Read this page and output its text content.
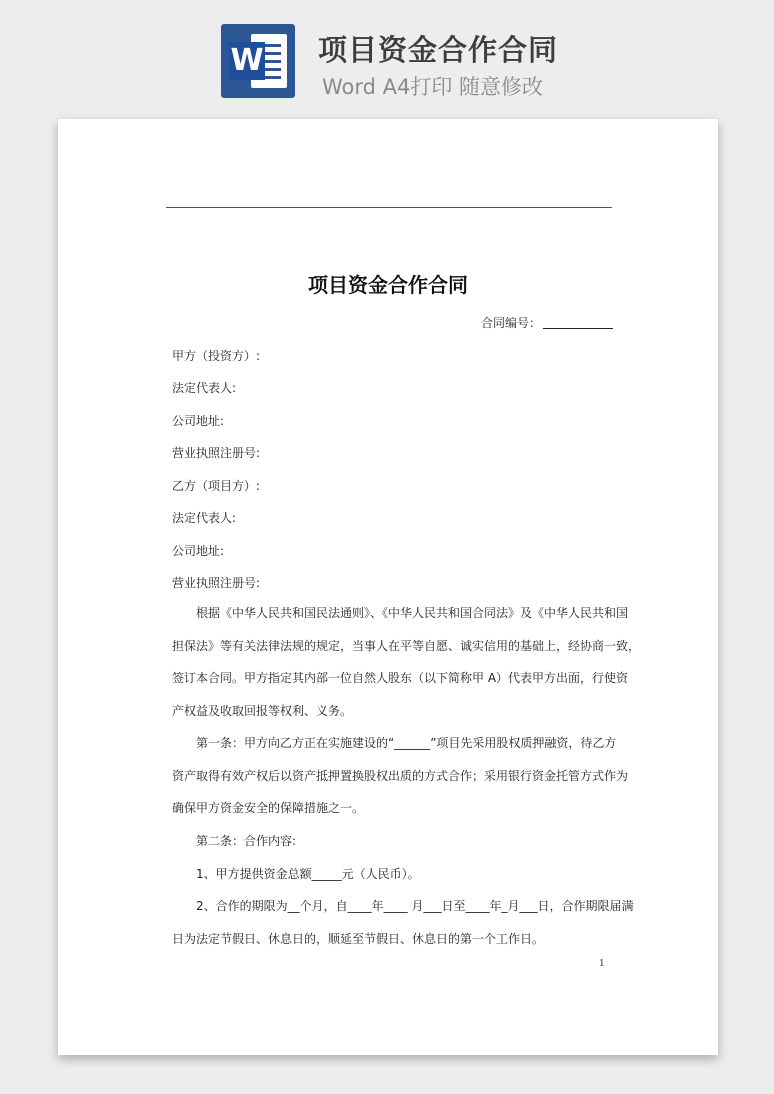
W 项目资金合作合同
Word A4打印 随意修改
项目资金合作合同
合同编号：
甲方（投资方）:
法定代表人:
公司地址:
营业执照注册号:
乙方（项目方）:
法定代表人:
公司地址:
营业执照注册号:
根据《中华人民共和国民法通则》、《中华人民共和国合同法》及《中华人民共和国
担保法》等有关法律法规的规定，当事人在平等自愿、诚实信用的基础上，经协商一致，
签订本合同。甲方指定其内部一位自然人股东（以下简称甲 A）代表甲方出面，行使资
产权益及收取回报等权利、义务。
第一条：甲方向乙方正在实施建设的“______”项目先采用股权质押融资，待乙方
资产取得有效产权后以资产抵押置换股权出质的方式合作；采用银行资金托管方式作为
确保甲方资金安全的保障措施之一。
第二条：合作内容:
1、甲方提供资金总额_____元（人民币）。
2、合作的期限为__个月，自____年____ 月___日至____年_月___日，合作期限届满
日为法定节假日、休息日的，顺延至节假日、休息日的第一个工作日。
1
